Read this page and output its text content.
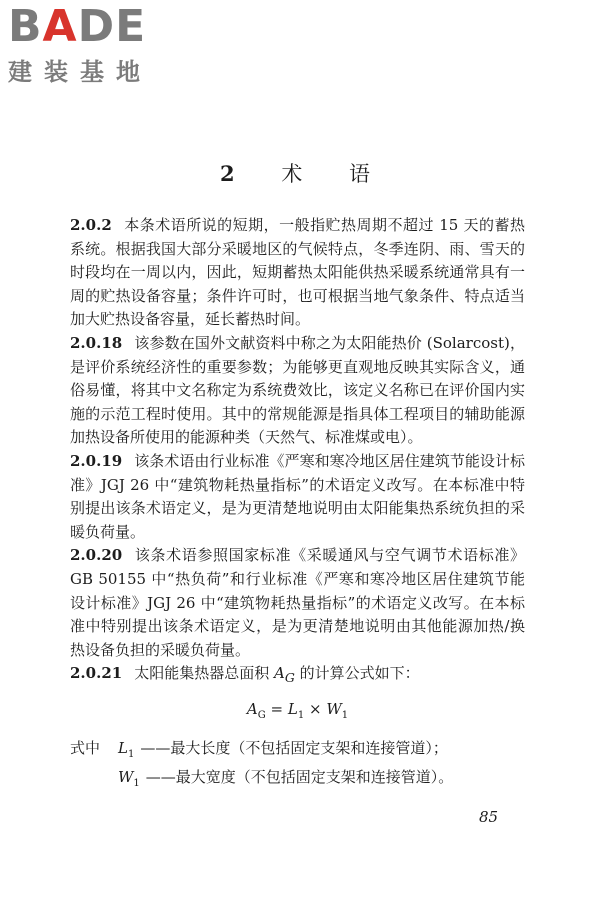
B A D E
建装基地
2 术 语

2.0.2 本条术语所说的短期，一般指贮热周期不超过 15 天的蓄热系统。根据我国大部分采暖地区的气候特点，冬季连阴、雨、雪天的时段均在一周以内，因此，短期蓄热太阳能供热采暖系统通常具有一周的贮热设备容量；条件许可时，也可根据当地气象条件、特点适当加大贮热设备容量，延长蓄热时间。

2.0.18 该参数在国外文献资料中称之为太阳能热价 (Solarcost)，是评价系统经济性的重要参数；为能够更直观地反映其实际含义，通俗易懂，将其中文名称定为系统费效比，该定义名称已在评价国内实施的示范工程时使用。其中的常规能源是指具体工程项目的辅助能源加热设备所使用的能源种类（天然气、标准煤或电）。

2.0.19 该条术语由行业标准《严寒和寒冷地区居住建筑节能设计标准》JGJ 26 中“建筑物耗热量指标”的术语定义改写。在本标准中特别提出该条术语定义，是为更清楚地说明由太阳能集热系统负担的采暖负荷量。

2.0.20 该条术语参照国家标准《采暖通风与空气调节术语标准》GB 50155 中“热负荷”和行业标准《严寒和寒冷地区居住建筑节能设计标准》JGJ 26 中“建筑物耗热量指标”的术语定义改写。在本标准中特别提出该条术语定义，是为更清楚地说明由其他能源加热/换热设备负担的采暖负荷量。

2.0.21 太阳能集热器总面积 $A_G$ 的计算公式如下：

$A_G = L_1 \times W_1$
式中	$L_1$ ——最大长度（不包括固定支架和连接管道）；
$W_1$ ——最大宽度（不包括固定支架和连接管道）。
85
